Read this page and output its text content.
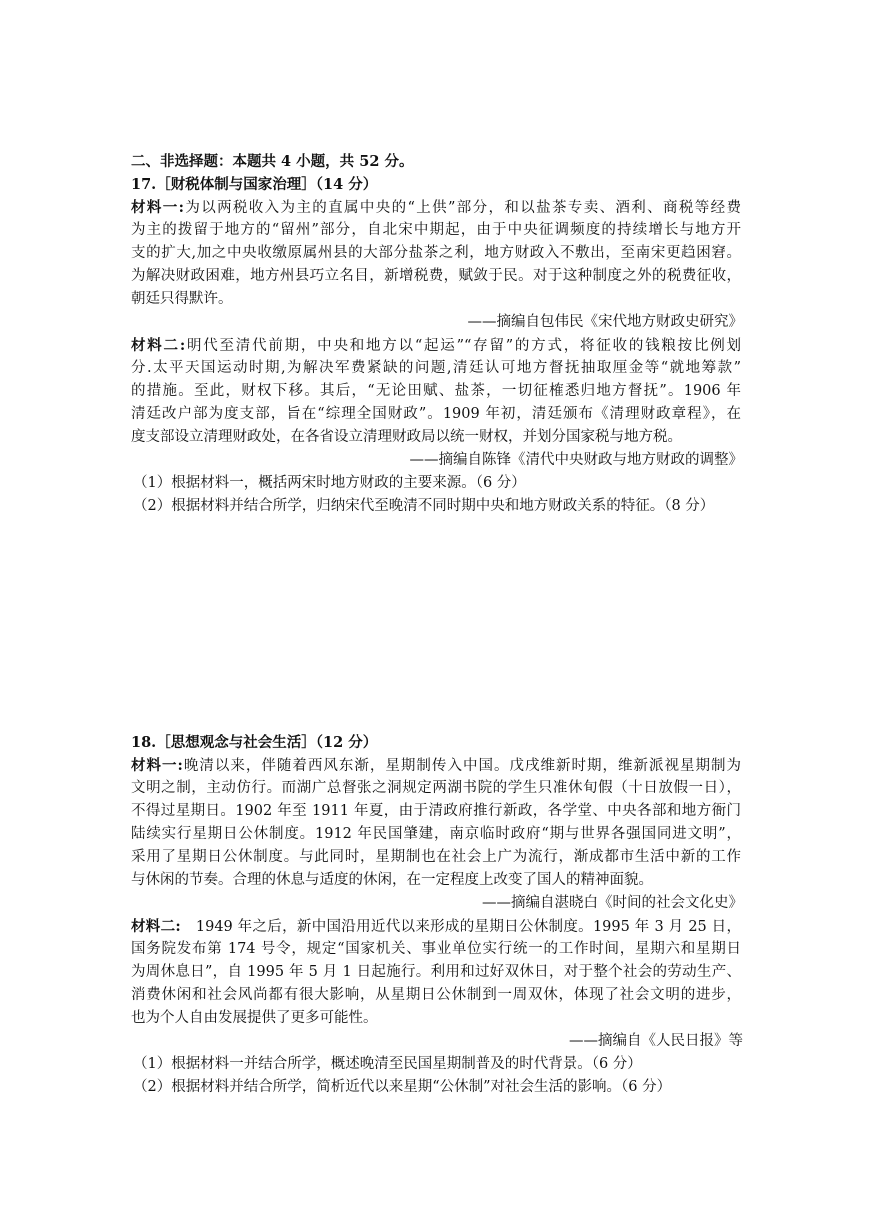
二、非选择题：本题共 4 小题，共 52 分。
17.［财税体制与国家治理］（14 分）
材料一:为以两税收入为主的直属中央的“上供”部分，和以盐茶专卖、酒利、商税等经费
为主的拨留于地方的“留州”部分，自北宋中期起，由于中央征调频度的持续增长与地方开
支的扩大,加之中央收缴原属州县的大部分盐茶之利，地方财政入不敷出，至南宋更趋困窘。
为解决财政困难，地方州县巧立名目，新增税费，赋敛于民。对于这种制度之外的税费征收，
朝廷只得默许。
——摘编自包伟民《宋代地方财政史研究》
材料二:明代至清代前期，中央和地方以“起运”“存留”的方式，将征收的钱粮按比例划
分.太平天国运动时期,为解决军费紧缺的问题,清廷认可地方督抚抽取厘金等“就地筹款”
的措施。至此，财权下移。其后，“无论田赋、盐茶，一切征榷悉归地方督抚”。1906 年
清廷改户部为度支部，旨在“综理全国财政”。1909 年初，清廷颁布《清理财政章程》，在
度支部设立清理财政处，在各省设立清理财政局以统一财权，并划分国家税与地方税。
——摘编自陈锋《清代中央财政与地方财政的调整》
（1）根据材料一，概括两宋时地方财政的主要来源。（6 分）
（2）根据材料并结合所学，归纳宋代至晚清不同时期中央和地方财政关系的特征。（8 分）
18.［思想观念与社会生活］（12 分）
材料一:晚清以来，伴随着西风东渐，星期制传入中国。戊戌维新时期，维新派视星期制为
文明之制，主动仿行。而湖广总督张之洞规定两湖书院的学生只准休旬假（十日放假一日），
不得过星期日。1902 年至 1911 年夏，由于清政府推行新政，各学堂、中央各部和地方衙门
陆续实行星期日公休制度。1912 年民国肇建，南京临时政府“期与世界各强国同进文明”，
采用了星期日公休制度。与此同时，星期制也在社会上广为流行，渐成都市生活中新的工作
与休闲的节奏。合理的休息与适度的休闲，在一定程度上改变了国人的精神面貌。
——摘编自湛晓白《时间的社会文化史》
材料二:　1949 年之后，新中国沿用近代以来形成的星期日公休制度。1995 年 3 月 25 日，
国务院发布第 174 号令，规定“国家机关、事业单位实行统一的工作时间，星期六和星期日
为周休息日”，自 1995 年 5 月 1 日起施行。利用和过好双休日，对于整个社会的劳动生产、
消费休闲和社会风尚都有很大影响，从星期日公休制到一周双休，体现了社会文明的进步，
也为个人自由发展提供了更多可能性。
——摘编自《人民日报》等
（1）根据材料一并结合所学，概述晚清至民国星期制普及的时代背景。（6 分）
（2）根据材料并结合所学，简析近代以来星期“公休制”对社会生活的影响。（6 分）
